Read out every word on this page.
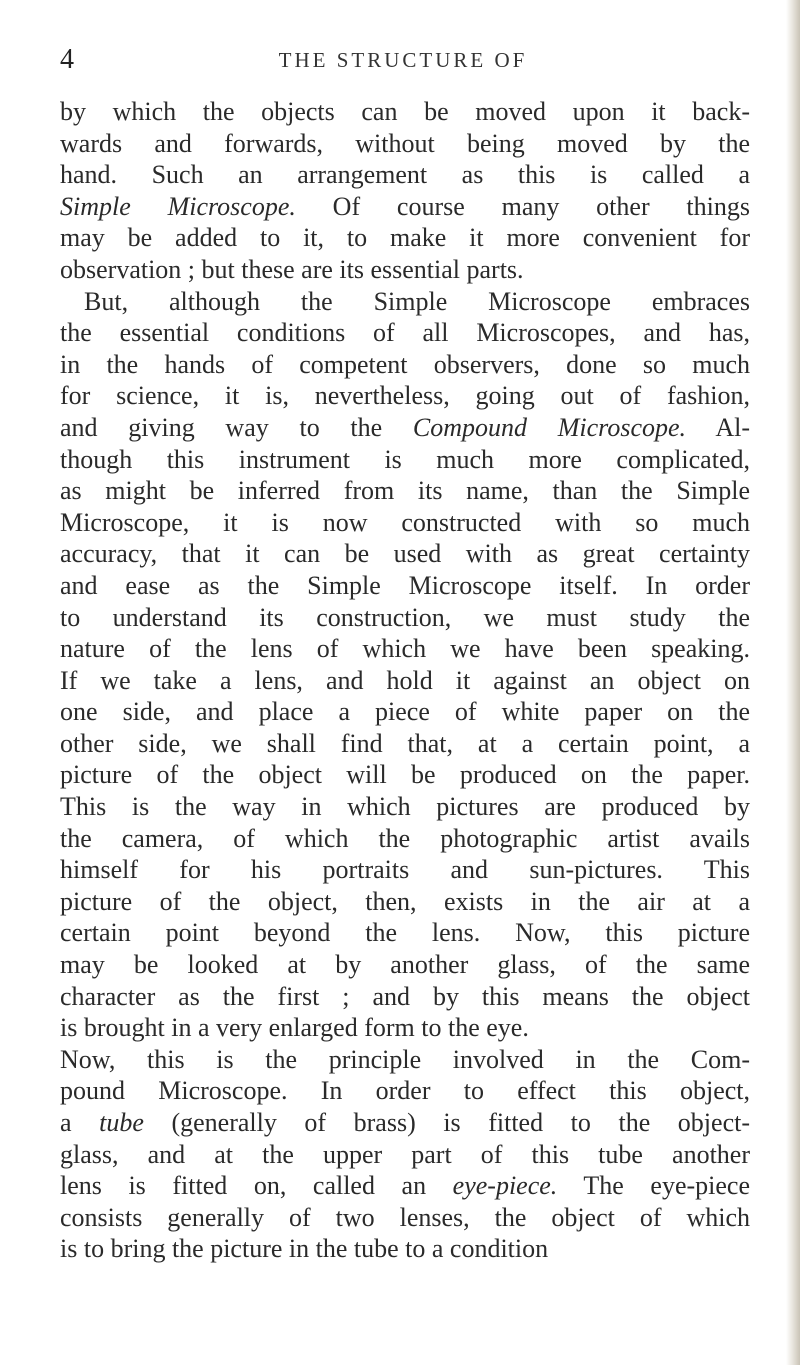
4	THE STRUCTURE OF
by which the objects can be moved upon it back-
wards and forwards, without being moved by the
hand. Such an arrangement as this is called a
Simple Microscope. Of course many other things
may be added to it, to make it more convenient for
observation ; but these are its essential parts.
But, although the Simple Microscope embraces
the essential conditions of all Microscopes, and has,
in the hands of competent observers, done so much
for science, it is, nevertheless, going out of fashion,
and giving way to the Compound Microscope. Al-
though this instrument is much more complicated,
as might be inferred from its name, than the Simple
Microscope, it is now constructed with so much
accuracy, that it can be used with as great certainty
and ease as the Simple Microscope itself. In order
to understand its construction, we must study the
nature of the lens of which we have been speaking.
If we take a lens, and hold it against an object on
one side, and place a piece of white paper on the
other side, we shall find that, at a certain point, a
picture of the object will be produced on the paper.
This is the way in which pictures are produced by
the camera, of which the photographic artist avails
himself for his portraits and sun-pictures. This
picture of the object, then, exists in the air at a
certain point beyond the lens. Now, this picture
may be looked at by another glass, of the same
character as the first ; and by this means the object
is brought in a very enlarged form to the eye.
Now, this is the principle involved in the Com-
pound Microscope. In order to effect this object,
a tube (generally of brass) is fitted to the object-
glass, and at the upper part of this tube another
lens is fitted on, called an eye-piece. The eye-piece
consists generally of two lenses, the object of which
is to bring the picture in the tube to a condition
